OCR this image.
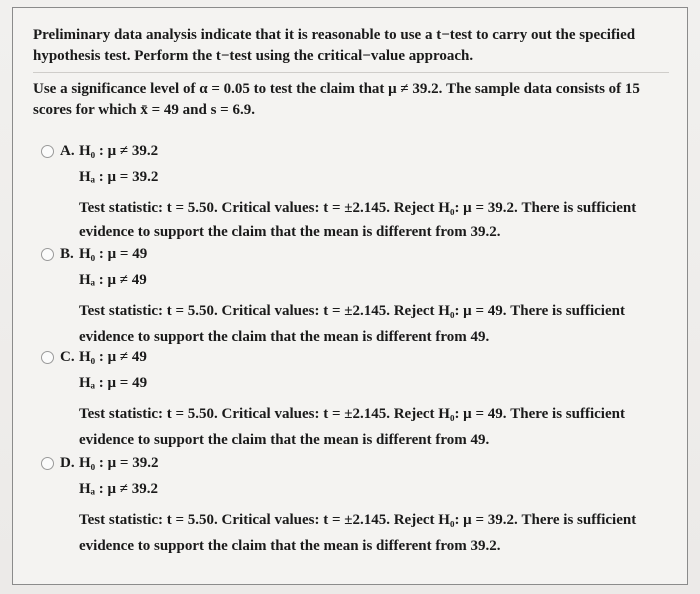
Preliminary data analysis indicate that it is reasonable to use a t−test to carry out the specified
hypothesis test. Perform the t−test using the critical−value approach.
Use a significance level of α = 0.05 to test the claim that μ ≠ 39.2. The sample data consists of 15
scores for which x̄ = 49 and s = 6.9.
A. H₀ : μ ≠ 39.2
Hₐ : μ = 39.2
Test statistic: t = 5.50. Critical values: t = ±2.145. Reject H₀: μ = 39.2. There is sufficient
evidence to support the claim that the mean is different from 39.2.
B. H₀ : μ = 49
Hₐ : μ ≠ 49
Test statistic: t = 5.50. Critical values: t = ±2.145. Reject H₀: μ = 49. There is sufficient
evidence to support the claim that the mean is different from 49.
C. H₀ : μ ≠ 49
Hₐ : μ = 49
Test statistic: t = 5.50. Critical values: t = ±2.145. Reject H₀: μ = 49. There is sufficient
evidence to support the claim that the mean is different from 49.
D. H₀ : μ = 39.2
Hₐ : μ ≠ 39.2
Test statistic: t = 5.50. Critical values: t = ±2.145. Reject H₀: μ = 39.2. There is sufficient
evidence to support the claim that the mean is different from 39.2.
